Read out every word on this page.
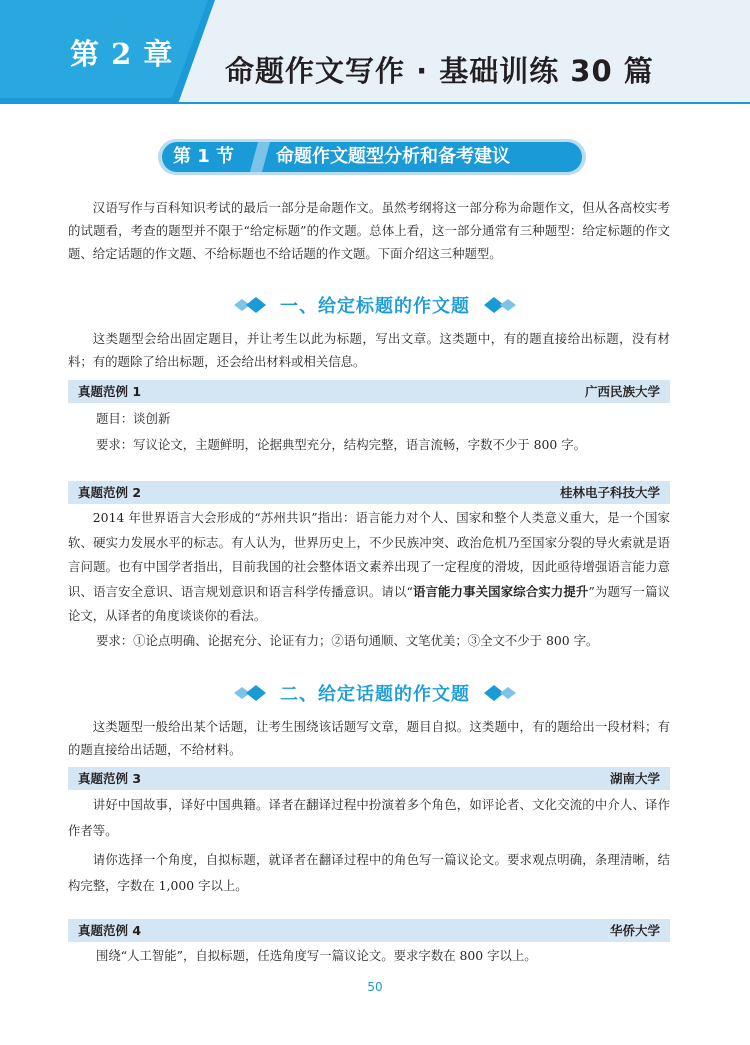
第 2 章	命题作文写作 · 基础训练 30 篇
第 1 节	命题作文题型分析和备考建议

汉语写作与百科知识考试的最后一部分是命题作文。虽然考纲将这一部分称为命题作文，但从各高校实考的试题看，考查的题型并不限于“给定标题”的作文题。总体上看，这一部分通常有三种题型：给定标题的作文题、给定话题的作文题、不给标题也不给话题的作文题。下面介绍这三种题型。

一、给定标题的作文题

这类题型会给出固定题目，并让考生以此为标题，写出文章。这类题中，有的题直接给出标题，没有材料；有的题除了给出标题，还会给出材料或相关信息。

真题范例 1	广西民族大学
题目：谈创新
要求：写议论文，主题鲜明，论据典型充分，结构完整，语言流畅，字数不少于 800 字。
真题范例 2	桂林电子科技大学

2014 年世界语言大会形成的“苏州共识”指出：语言能力对个人、国家和整个人类意义重大，是一个国家软、硬实力发展水平的标志。有人认为，世界历史上，不少民族冲突、政治危机乃至国家分裂的导火索就是语言问题。也有中国学者指出，目前我国的社会整体语文素养出现了一定程度的滑坡，因此亟待增强语言能力意识、语言安全意识、语言规划意识和语言科学传播意识。请以“语言能力事关国家综合实力提升”为题写一篇议论文，从译者的角度谈谈你的看法。

要求：①论点明确、论据充分、论证有力；②语句通顺、文笔优美；③全文不少于 800 字。
二、给定话题的作文题

这类题型一般给出某个话题，让考生围绕该话题写文章，题目自拟。这类题中，有的题给出一段材料；有的题直接给出话题，不给材料。

真题范例 3	湖南大学

讲好中国故事，译好中国典籍。译者在翻译过程中扮演着多个角色，如评论者、文化交流的中介人、译作作者等。

请你选择一个角度，自拟标题，就译者在翻译过程中的角色写一篇议论文。要求观点明确，条理清晰，结构完整，字数在 1,000 字以上。

真题范例 4	华侨大学
围绕“人工智能”，自拟标题，任选角度写一篇议论文。要求字数在 800 字以上。
50
